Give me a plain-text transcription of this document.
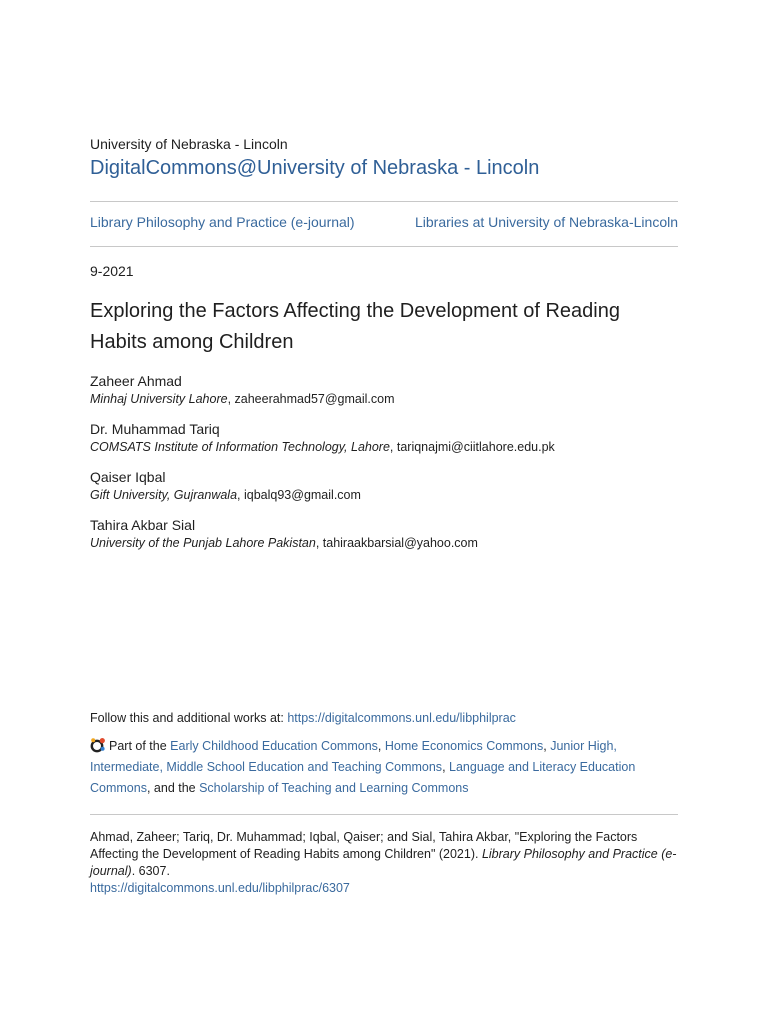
University of Nebraska - Lincoln
DigitalCommons@University of Nebraska - Lincoln
Library Philosophy and Practice (e-journal)	Libraries at University of Nebraska-Lincoln
9-2021
Exploring the Factors Affecting the Development of Reading Habits among Children
Zaheer Ahmad
Minhaj University Lahore, zaheerahmad57@gmail.com
Dr. Muhammad Tariq
COMSATS Institute of Information Technology, Lahore, tariqnajmi@ciitlahore.edu.pk
Qaiser Iqbal
Gift University, Gujranwala, iqbalq93@gmail.com
Tahira Akbar Sial
University of the Punjab Lahore Pakistan, tahiraakbarsial@yahoo.com
Follow this and additional works at: https://digitalcommons.unl.edu/libphilprac
Part of the Early Childhood Education Commons, Home Economics Commons, Junior High, Intermediate, Middle School Education and Teaching Commons, Language and Literacy Education Commons, and the Scholarship of Teaching and Learning Commons
Ahmad, Zaheer; Tariq, Dr. Muhammad; Iqbal, Qaiser; and Sial, Tahira Akbar, "Exploring the Factors Affecting the Development of Reading Habits among Children" (2021). Library Philosophy and Practice (e-journal). 6307.
https://digitalcommons.unl.edu/libphilprac/6307
